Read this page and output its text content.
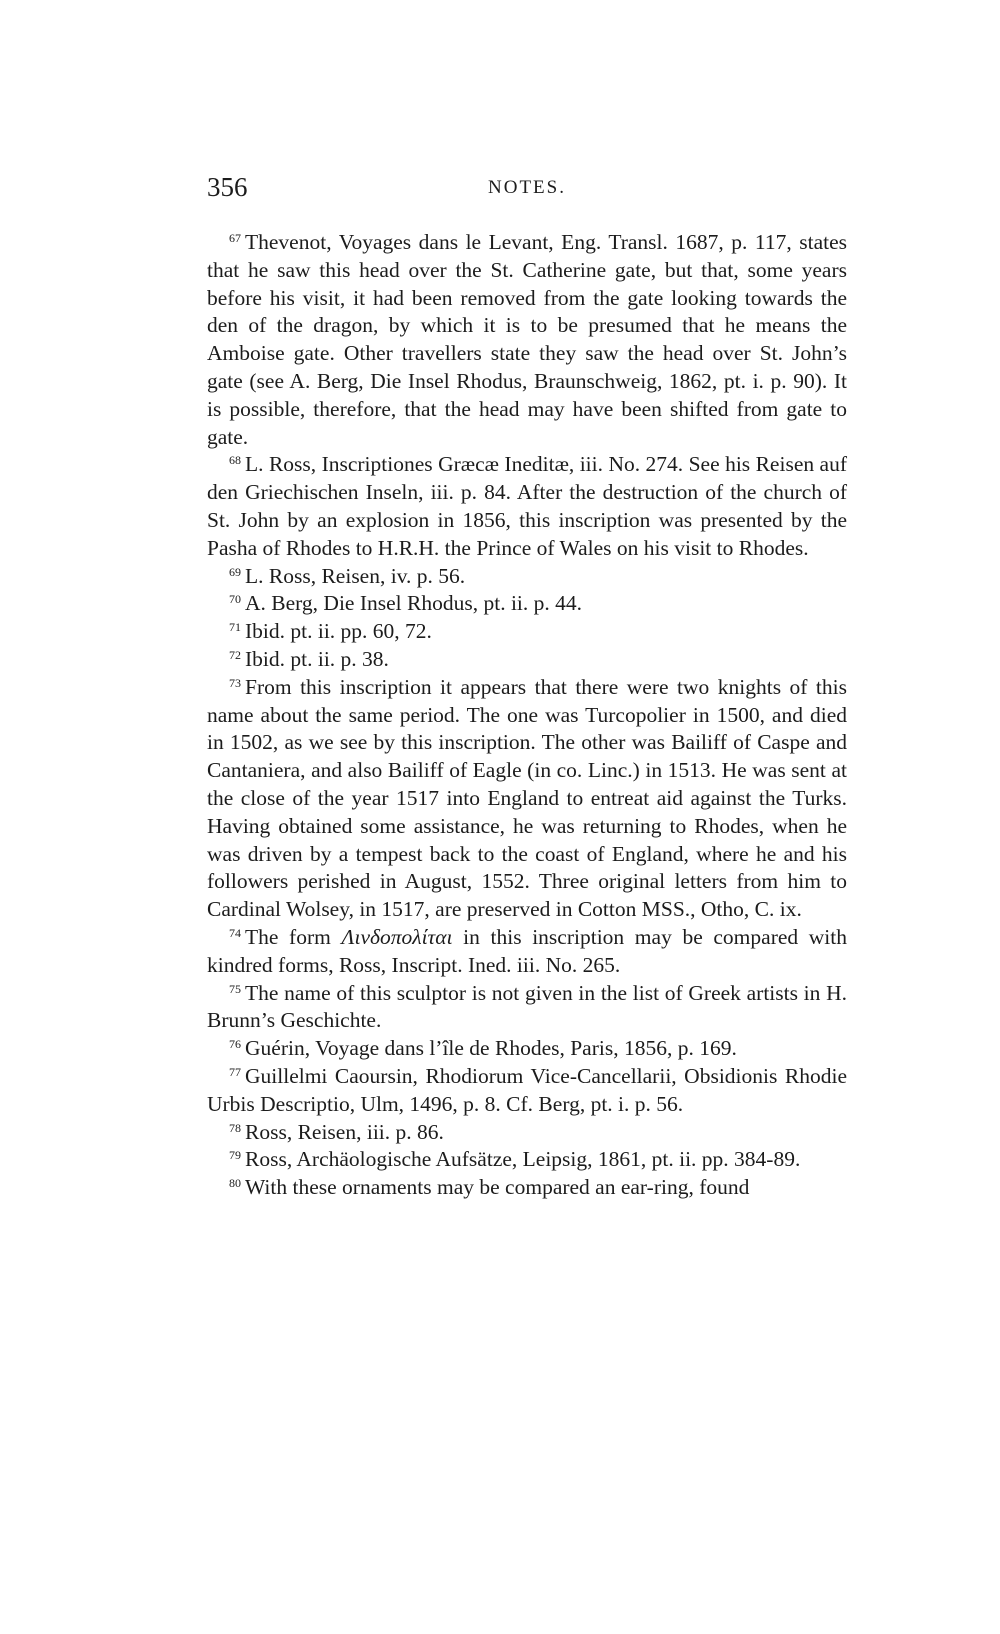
356	NOTES.

$^{67}$ Thevenot, Voyages dans le Levant, Eng. Transl. 1687, p. 117, states that he saw this head over the St. Catherine gate, but that, some years before his visit, it had been removed from the gate looking towards the den of the dragon, by which it is to be presumed that he means the Amboise gate. Other travellers state they saw the head over St. John’s gate (see A. Berg, Die Insel Rhodus, Braunschweig, 1862, pt. i. p. 90). It is possible, therefore, that the head may have been shifted from gate to gate.

$^{68}$ L. Ross, Inscriptiones Græcæ Ineditæ, iii. No. 274. See his Reisen auf den Griechischen Inseln, iii. p. 84. After the destruction of the church of St. John by an explosion in 1856, this inscription was presented by the Pasha of Rhodes to H.R.H. the Prince of Wales on his visit to Rhodes.

$^{69}$ L. Ross, Reisen, iv. p. 56.

$^{70}$ A. Berg, Die Insel Rhodus, pt. ii. p. 44.

$^{71}$ Ibid. pt. ii. pp. 60, 72.

$^{72}$ Ibid. pt. ii. p. 38.

$^{73}$ From this inscription it appears that there were two knights of this name about the same period. The one was Turcopolier in 1500, and died in 1502, as we see by this inscription. The other was Bailiff of Caspe and Cantaniera, and also Bailiff of Eagle (in co. Linc.) in 1513. He was sent at the close of the year 1517 into England to entreat aid against the Turks. Having obtained some assistance, he was returning to Rhodes, when he was driven by a tempest back to the coast of England, where he and his followers perished in August, 1552. Three original letters from him to Cardinal Wolsey, in 1517, are preserved in Cotton MSS., Otho, C. ix.

$^{74}$ The form Λινδοπολίται in this inscription may be compared with kindred forms, Ross, Inscript. Ined. iii. No. 265.

$^{75}$ The name of this sculptor is not given in the list of Greek artists in H. Brunn’s Geschichte.

$^{76}$ Guérin, Voyage dans l’île de Rhodes, Paris, 1856, p. 169.

$^{77}$ Guillelmi Caoursin, Rhodiorum Vice-Cancellarii, Obsidionis Rhodie Urbis Descriptio, Ulm, 1496, p. 8. Cf. Berg, pt. i. p. 56.

$^{78}$ Ross, Reisen, iii. p. 86.

$^{79}$ Ross, Archäologische Aufsätze, Leipsig, 1861, pt. ii. pp. 384-89.

$^{80}$ With these ornaments may be compared an ear-ring, found
